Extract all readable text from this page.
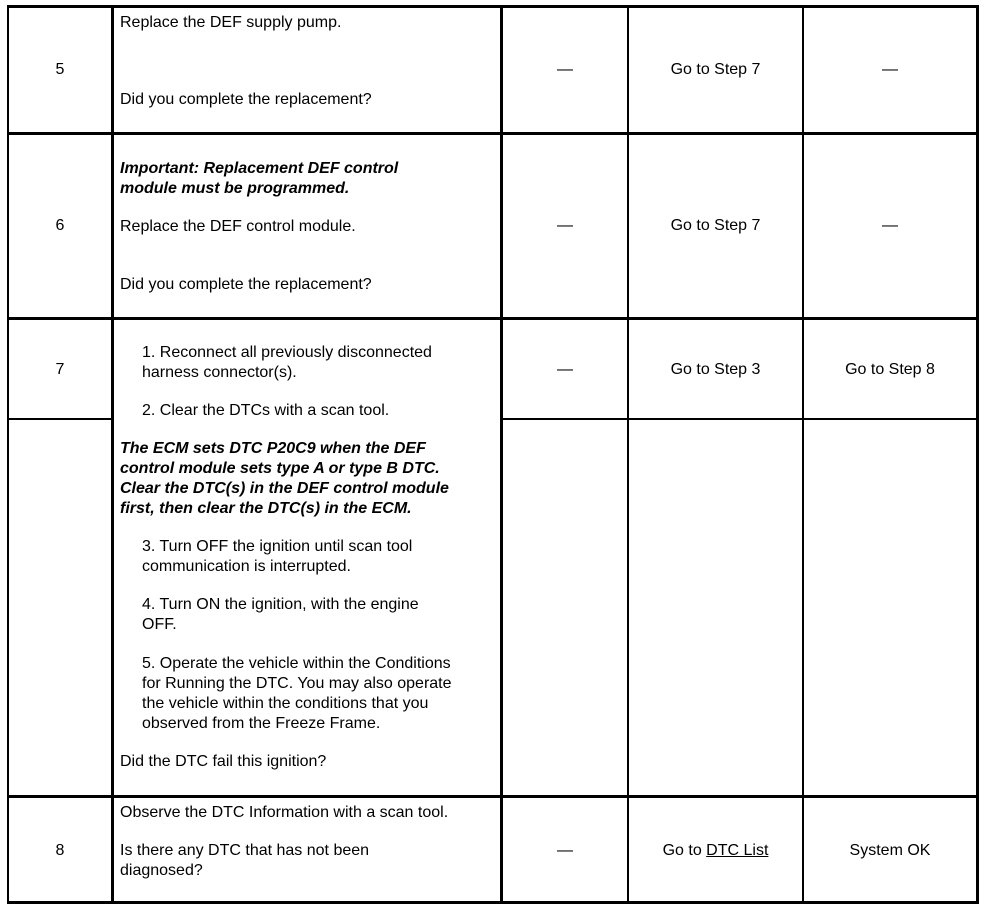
5
Replace the DEF supply pump.
Did you complete the replacement?
—	Go to Step 7	—
6
Important: Replacement DEF control
module must be programmed.
Replace the DEF control module.
Did you complete the replacement?
—	Go to Step 7	—
7
1. Reconnect all previously disconnected
harness connector(s).
2. Clear the DTCs with a scan tool.
The ECM sets DTC P20C9 when the DEF
control module sets type A or type B DTC.
Clear the DTC(s) in the DEF control module
first, then clear the DTC(s) in the ECM.
3. Turn OFF the ignition until scan tool
communication is interrupted.
4. Turn ON the ignition, with the engine
OFF.
5. Operate the vehicle within the Conditions
for Running the DTC. You may also operate
the vehicle within the conditions that you
observed from the Freeze Frame.
Did the DTC fail this ignition?
—	Go to Step 3	Go to Step 8
8
Observe the DTC Information with a scan tool.
Is there any DTC that has not been
diagnosed?
—	Go to DTC List	System OK
